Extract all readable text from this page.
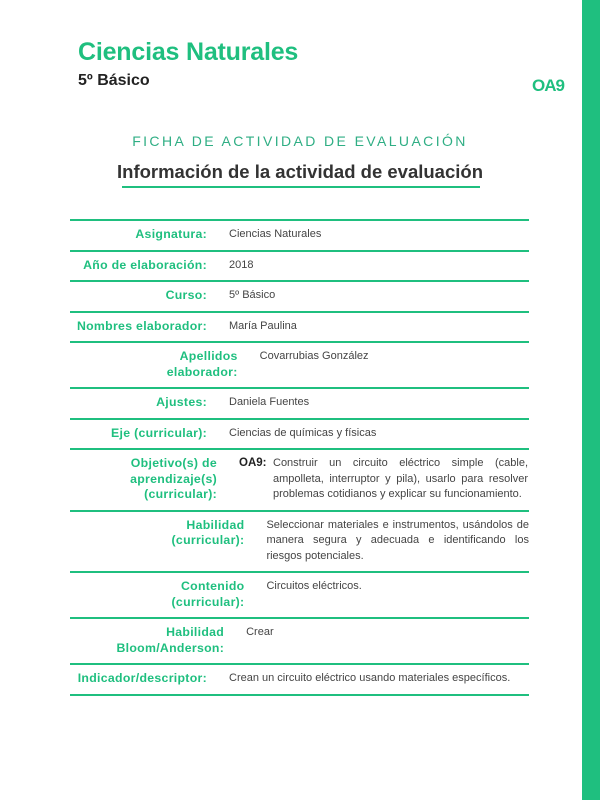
Ciencias Naturales
5º Básico	OA9
FICHA DE ACTIVIDAD DE EVALUACIÓN
Información de la actividad de evaluación
Asignatura: Ciencias Naturales
Año de elaboración: 2018
Curso: 5º Básico
Nombres elaborador: María Paulina
Apellidos elaborador:
Covarrubias González
Ajustes: Daniela Fuentes
Eje (curricular): Ciencias de químicas y físicas
Objetivo(s) de aprendizaje(s) (curricular):
OA9: Construir un circuito eléctrico simple (cable, ampolleta, interruptor y pila), usarlo para resolver problemas cotidianos y explicar su funcionamiento.
Habilidad (curricular):
Seleccionar materiales e instrumentos, usándolos de manera segura y adecuada e identificando los riesgos potenciales.
Contenido (curricular):
Circuitos eléctricos.
Habilidad Bloom/Anderson:
Crear
Indicador/descriptor: Crean un circuito eléctrico usando materiales específicos.
